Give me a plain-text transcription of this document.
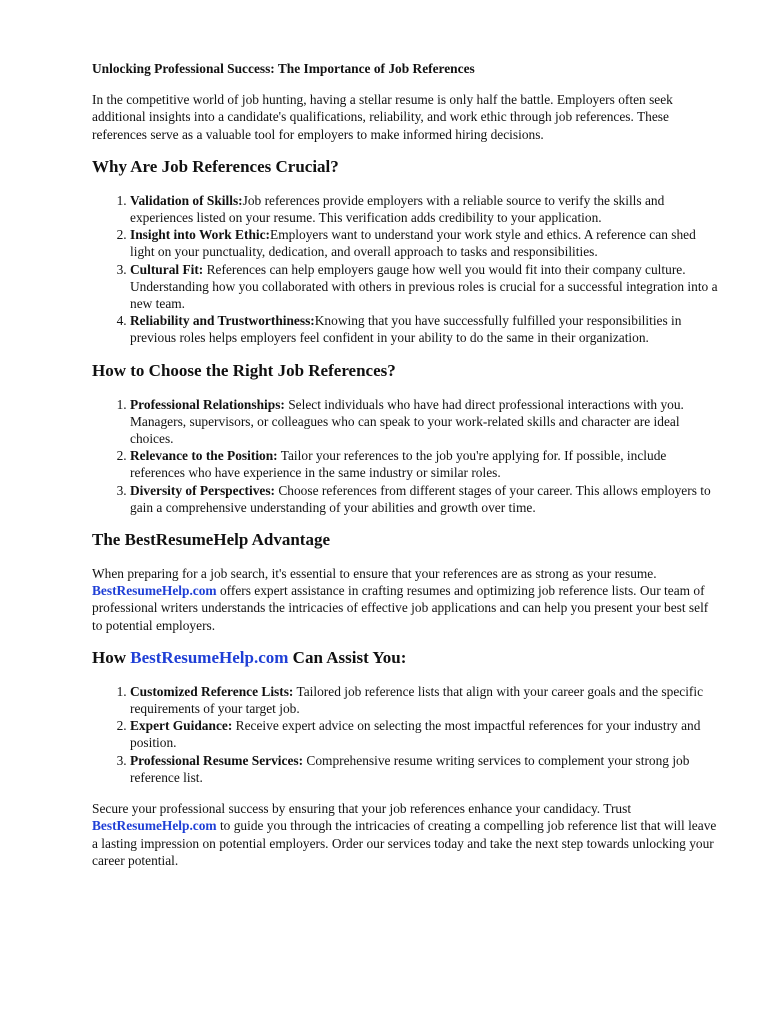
Unlocking Professional Success: The Importance of Job References

In the competitive world of job hunting, having a stellar resume is only half the battle. Employers often seek additional insights into a candidate's qualifications, reliability, and work ethic through job references. These references serve as a valuable tool for employers to make informed hiring decisions.

Why Are Job References Crucial?
1. Validation of Skills:Job references provide employers with a reliable source to verify the skills and experiences listed on your resume. This verification adds credibility to your application.
2. Insight into Work Ethic:Employers want to understand your work style and ethics. A reference can shed light on your punctuality, dedication, and overall approach to tasks and responsibilities.
3. Cultural Fit: References can help employers gauge how well you would fit into their company culture. Understanding how you collaborated with others in previous roles is crucial for a successful integration into a new team.
4. Reliability and Trustworthiness:Knowing that you have successfully fulfilled your responsibilities in previous roles helps employers feel confident in your ability to do the same in their organization.
How to Choose the Right Job References?
1. Professional Relationships: Select individuals who have had direct professional interactions with you. Managers, supervisors, or colleagues who can speak to your work-related skills and character are ideal choices.
2. Relevance to the Position: Tailor your references to the job you're applying for. If possible, include references who have experience in the same industry or similar roles.
3. Diversity of Perspectives: Choose references from different stages of your career. This allows employers to gain a comprehensive understanding of your abilities and growth over time.
The BestResumeHelp Advantage

When preparing for a job search, it's essential to ensure that your references are as strong as your resume. BestResumeHelp.com offers expert assistance in crafting resumes and optimizing job reference lists. Our team of professional writers understands the intricacies of effective job applications and can help you present your best self to potential employers.

How BestResumeHelp.com Can Assist You:
1. Customized Reference Lists: Tailored job reference lists that align with your career goals and the specific requirements of your target job.
2. Expert Guidance: Receive expert advice on selecting the most impactful references for your industry and position.
3. Professional Resume Services: Comprehensive resume writing services to complement your strong job reference list.

Secure your professional success by ensuring that your job references enhance your candidacy. Trust BestResumeHelp.com to guide you through the intricacies of creating a compelling job reference list that will leave a lasting impression on potential employers. Order our services today and take the next step towards unlocking your career potential.
